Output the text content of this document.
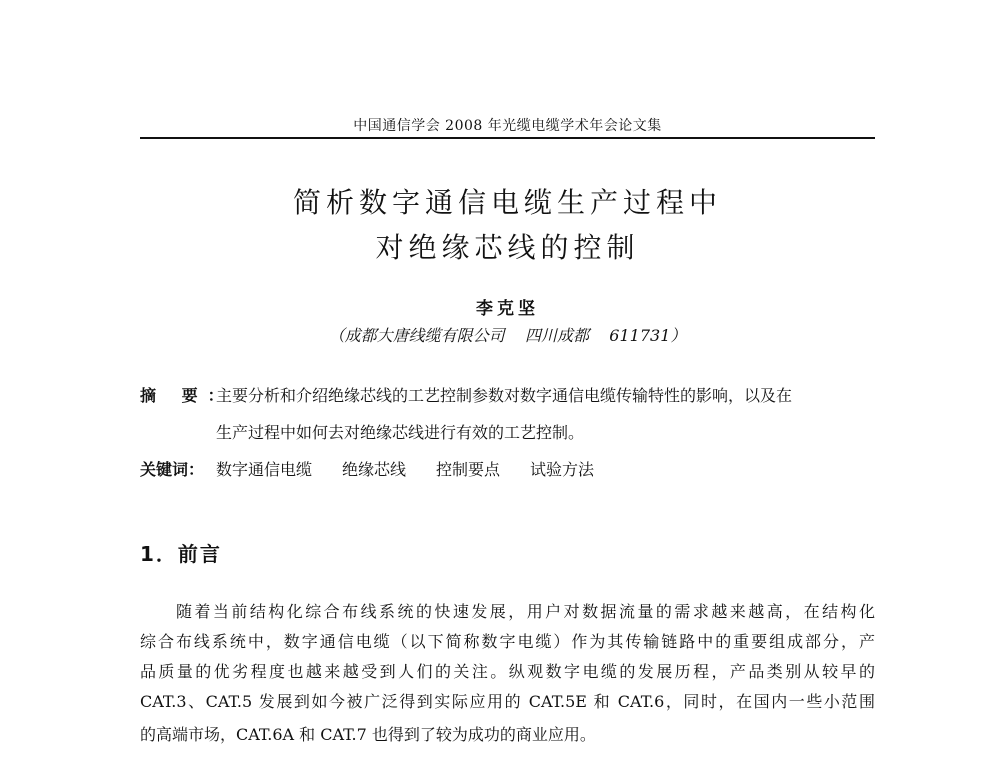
中国通信学会 2008 年光缆电缆学术年会论文集
简析数字通信电缆生产过程中
对绝缘芯线的控制
李克坚
（成都大唐线缆有限公司    四川成都    611731）
摘 要：
主要分析和介绍绝缘芯线的工艺控制参数对数字通信电缆传输特性的影响，以及在
生产过程中如何去对绝缘芯线进行有效的工艺控制。
关键词： 数字通信电缆 绝缘芯线 控制要点 试验方法
1．前言
随着当前结构化综合布线系统的快速发展，用户对数据流量的需求越来越高，在结构化
综合布线系统中，数字通信电缆（以下简称数字电缆）作为其传输链路中的重要组成部分，产
品质量的优劣程度也越来越受到人们的关注。纵观数字电缆的发展历程，产品类别从较早的
CAT.3、CAT.5 发展到如今被广泛得到实际应用的 CAT.5E 和 CAT.6，同时，在国内一些小范围
的高端市场，CAT.6A 和 CAT.7 也得到了较为成功的商业应用。
